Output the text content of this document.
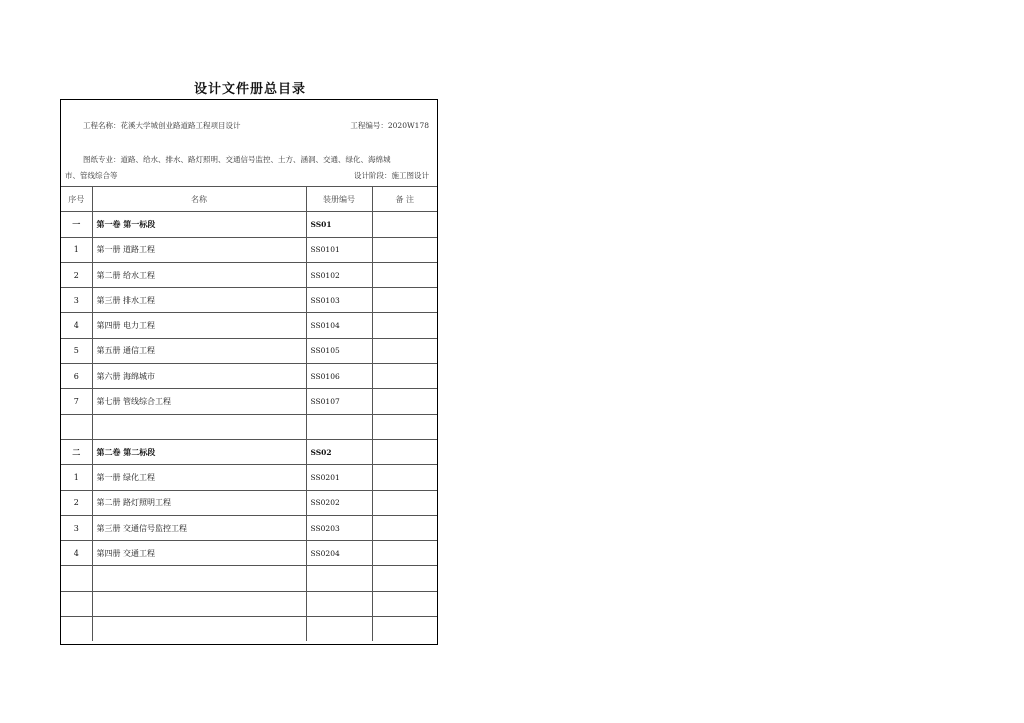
设计文件册总目录
工程名称：花溪大学城创业路道路工程项目设计	工程编号：2020W178
图纸专业：道路、给水、排水、路灯照明、交通信号监控、土方、涵洞、交通、绿化、海绵城
市、管线综合等	设计阶段：施工图设计
序号	名称	装册编号	备 注
一	第一卷 第一标段	SS01	
1	第一册 道路工程	SS0101	
2	第二册 给水工程	SS0102	
3	第三册 排水工程	SS0103	
4	第四册 电力工程	SS0104	
5	第五册 通信工程	SS0105	
6	第六册 海绵城市	SS0106	
7	第七册 管线综合工程	SS0107	

二	第二卷 第二标段	SS02	
1	第一册 绿化工程	SS0201	
2	第二册 路灯照明工程	SS0202	
3	第三册 交通信号监控工程	SS0203	
4	第四册 交通工程	SS0204	
